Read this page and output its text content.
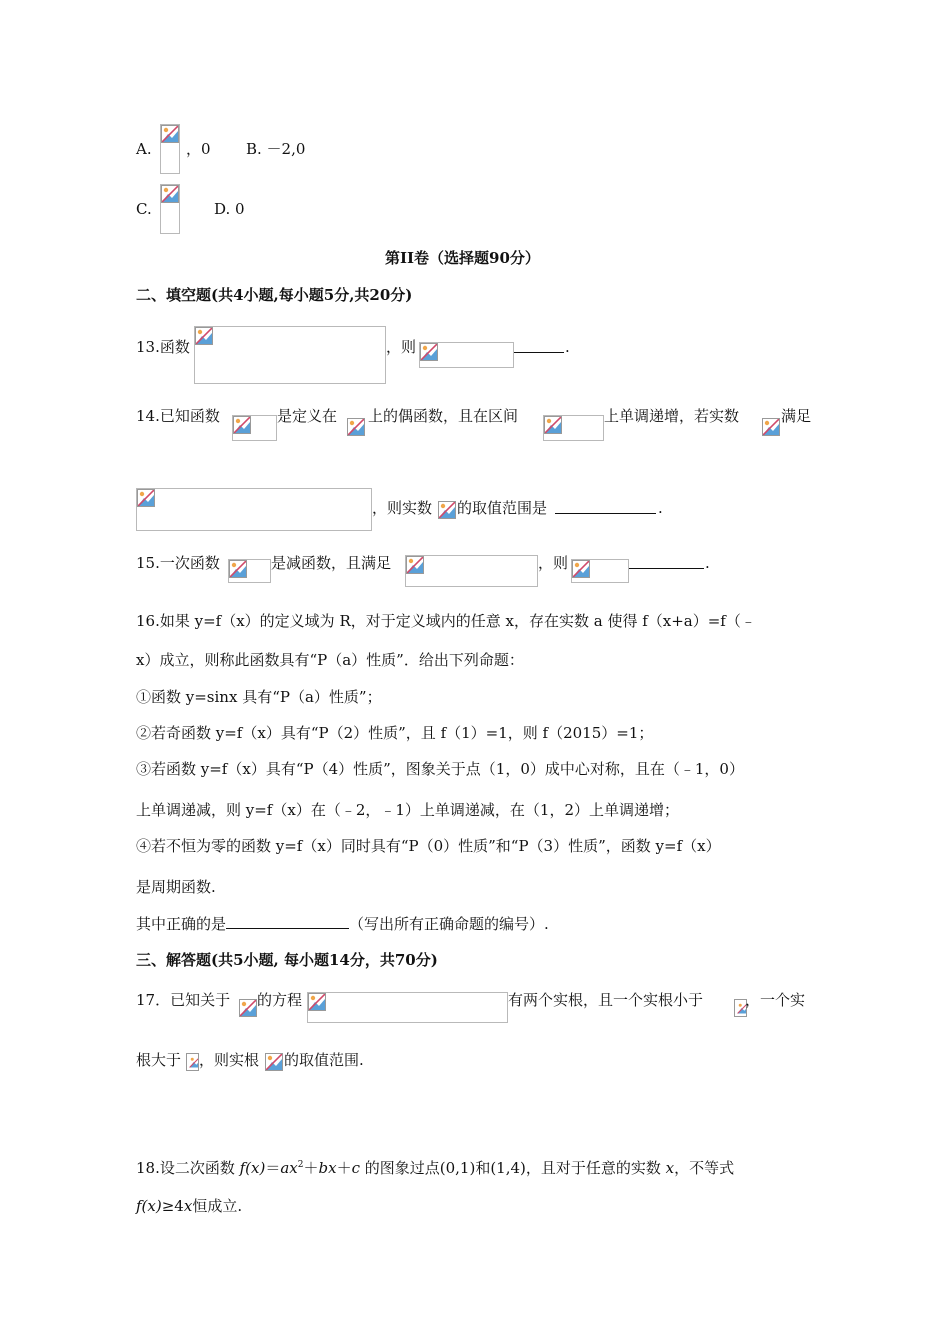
A. ，0 B. －2,0
C.	D. 0
第II卷（选择题90分）
二、填空题(共4小题,每小题5分,共20分)
13.函数	，则	.
14.已知函数	是定义在 上的偶函数，且在区间	上单调递增，若实数	满足
，则实数 的取值范围是	.
15.一次函数	是减函数，且满足	，则	.
16.如果 y=f（x）的定义域为 R，对于定义域内的任意 x，存在实数 a 使得 f（x+a）=f（﹣
x）成立，则称此函数具有“P（a）性质”．给出下列命题：
①函数 y=sinx 具有“P（a）性质”；
②若奇函数 y=f（x）具有“P（2）性质”，且 f（1）=1，则 f（2015）=1；
③若函数 y=f（x）具有“P（4）性质”，图象关于点（1，0）成中心对称，且在（﹣1，0）
上单调递减，则 y=f（x）在（﹣2，﹣1）上单调递减，在（1，2）上单调递增；
④若不恒为零的函数 y=f（x）同时具有“P（0）性质”和“P（3）性质”，函数 y=f（x）
是周期函数.
其中正确的是	（写出所有正确命题的编号）.
三、解答题(共5小题, 每小题14分，共70分)
17．已知关于 的方程	有两个实根，且一个实根小于	，一个实
根大于 ，则实根 的取值范围.
18.设二次函数 $f(x)=ax^2+bx+c$ 的图象过点(0,1)和(1,4)，且对于任意的实数 x，不等式
f(x)≥4x恒成立.
